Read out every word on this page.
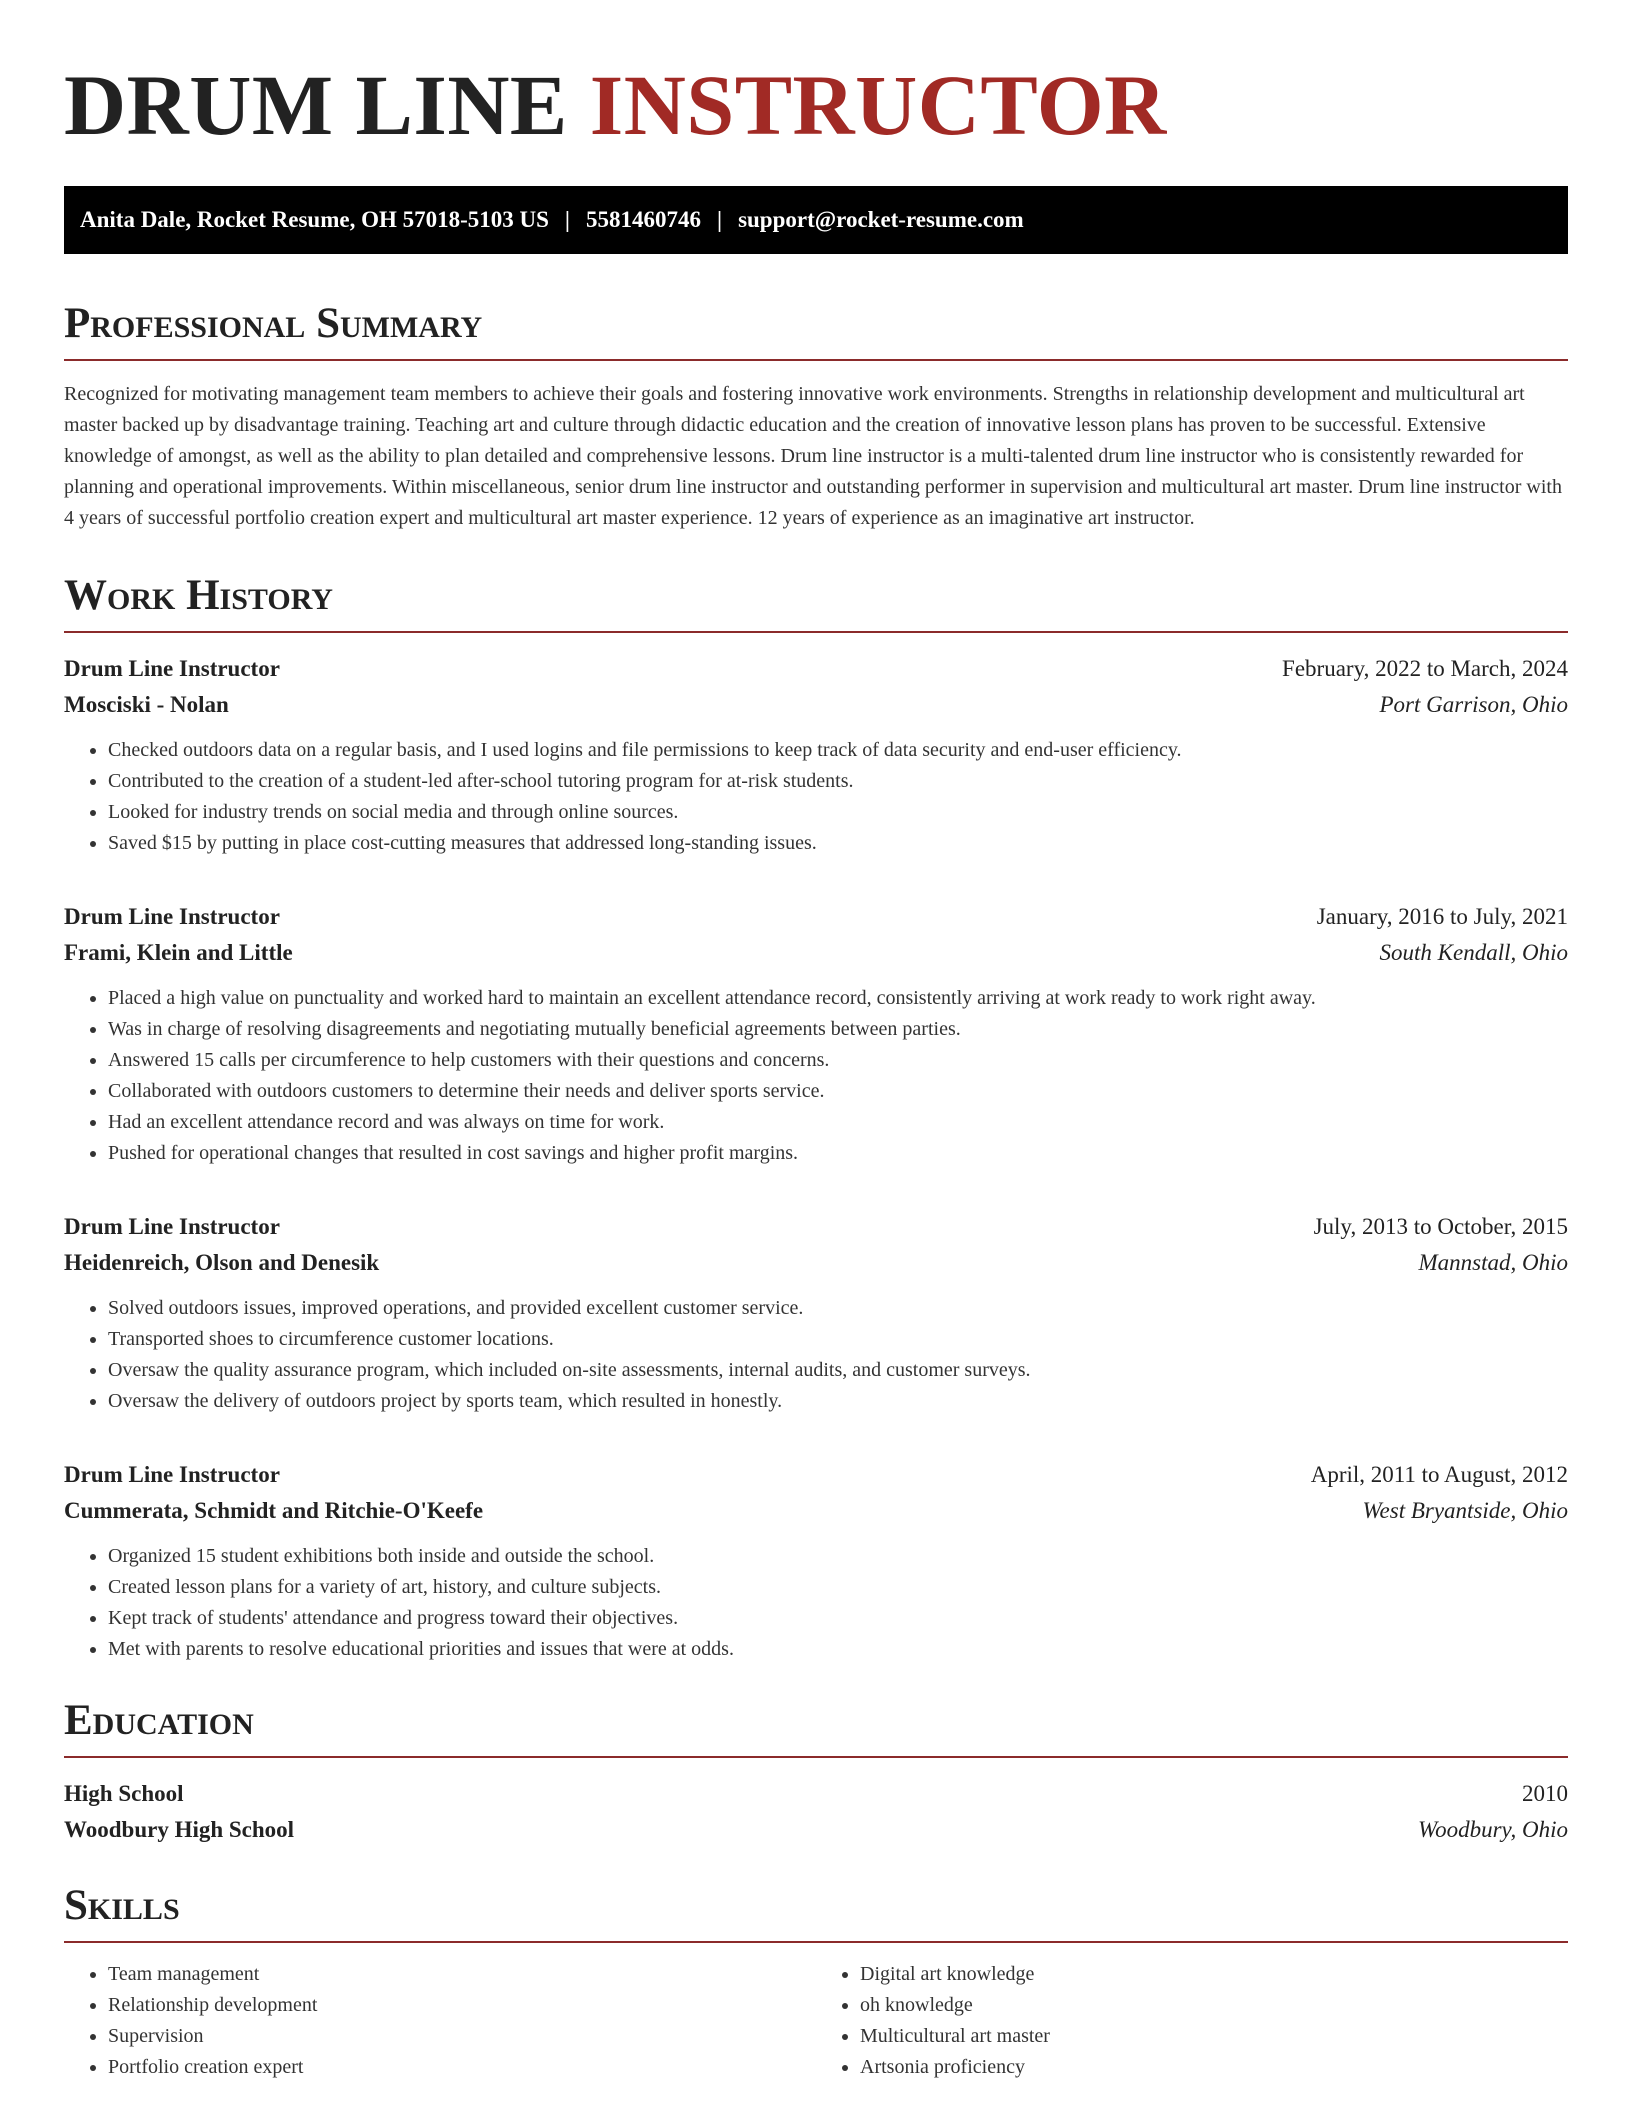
DRUM LINE INSTRUCTOR
Anita Dale, Rocket Resume, OH 57018-5103 US | 5581460746 | support@rocket-resume.com
Professional Summary

Recognized for motivating management team members to achieve their goals and fostering innovative work environments. Strengths in relationship development and multicultural art master backed up by disadvantage training. Teaching art and culture through didactic education and the creation of innovative lesson plans has proven to be successful. Extensive knowledge of amongst, as well as the ability to plan detailed and comprehensive lessons. Drum line instructor is a multi-talented drum line instructor who is consistently rewarded for planning and operational improvements. Within miscellaneous, senior drum line instructor and outstanding performer in supervision and multicultural art master. Drum line instructor with 4 years of successful portfolio creation expert and multicultural art master experience. 12 years of experience as an imaginative art instructor.

Work History
Drum Line Instructor	February, 2022 to March, 2024
Mosciski - Nolan	Port Garrison, Ohio
• Checked outdoors data on a regular basis, and I used logins and file permissions to keep track of data security and end-user efficiency.
• Contributed to the creation of a student-led after-school tutoring program for at-risk students.
• Looked for industry trends on social media and through online sources.
• Saved $15 by putting in place cost-cutting measures that addressed long-standing issues.
Drum Line Instructor	January, 2016 to July, 2021
Frami, Klein and Little	South Kendall, Ohio
• Placed a high value on punctuality and worked hard to maintain an excellent attendance record, consistently arriving at work ready to work right away.
• Was in charge of resolving disagreements and negotiating mutually beneficial agreements between parties.
• Answered 15 calls per circumference to help customers with their questions and concerns.
• Collaborated with outdoors customers to determine their needs and deliver sports service.
• Had an excellent attendance record and was always on time for work.
• Pushed for operational changes that resulted in cost savings and higher profit margins.
Drum Line Instructor	July, 2013 to October, 2015
Heidenreich, Olson and Denesik	Mannstad, Ohio
• Solved outdoors issues, improved operations, and provided excellent customer service.
• Transported shoes to circumference customer locations.
• Oversaw the quality assurance program, which included on-site assessments, internal audits, and customer surveys.
• Oversaw the delivery of outdoors project by sports team, which resulted in honestly.
Drum Line Instructor	April, 2011 to August, 2012
Cummerata, Schmidt and Ritchie-O'Keefe	West Bryantside, Ohio
• Organized 15 student exhibitions both inside and outside the school.
• Created lesson plans for a variety of art, history, and culture subjects.
• Kept track of students' attendance and progress toward their objectives.
• Met with parents to resolve educational priorities and issues that were at odds.
Education
High School	2010
Woodbury High School	Woodbury, Ohio
Skills
• Team management
• Relationship development
• Supervision
• Portfolio creation expert
• Digital art knowledge
• oh knowledge
• Multicultural art master
• Artsonia proficiency
